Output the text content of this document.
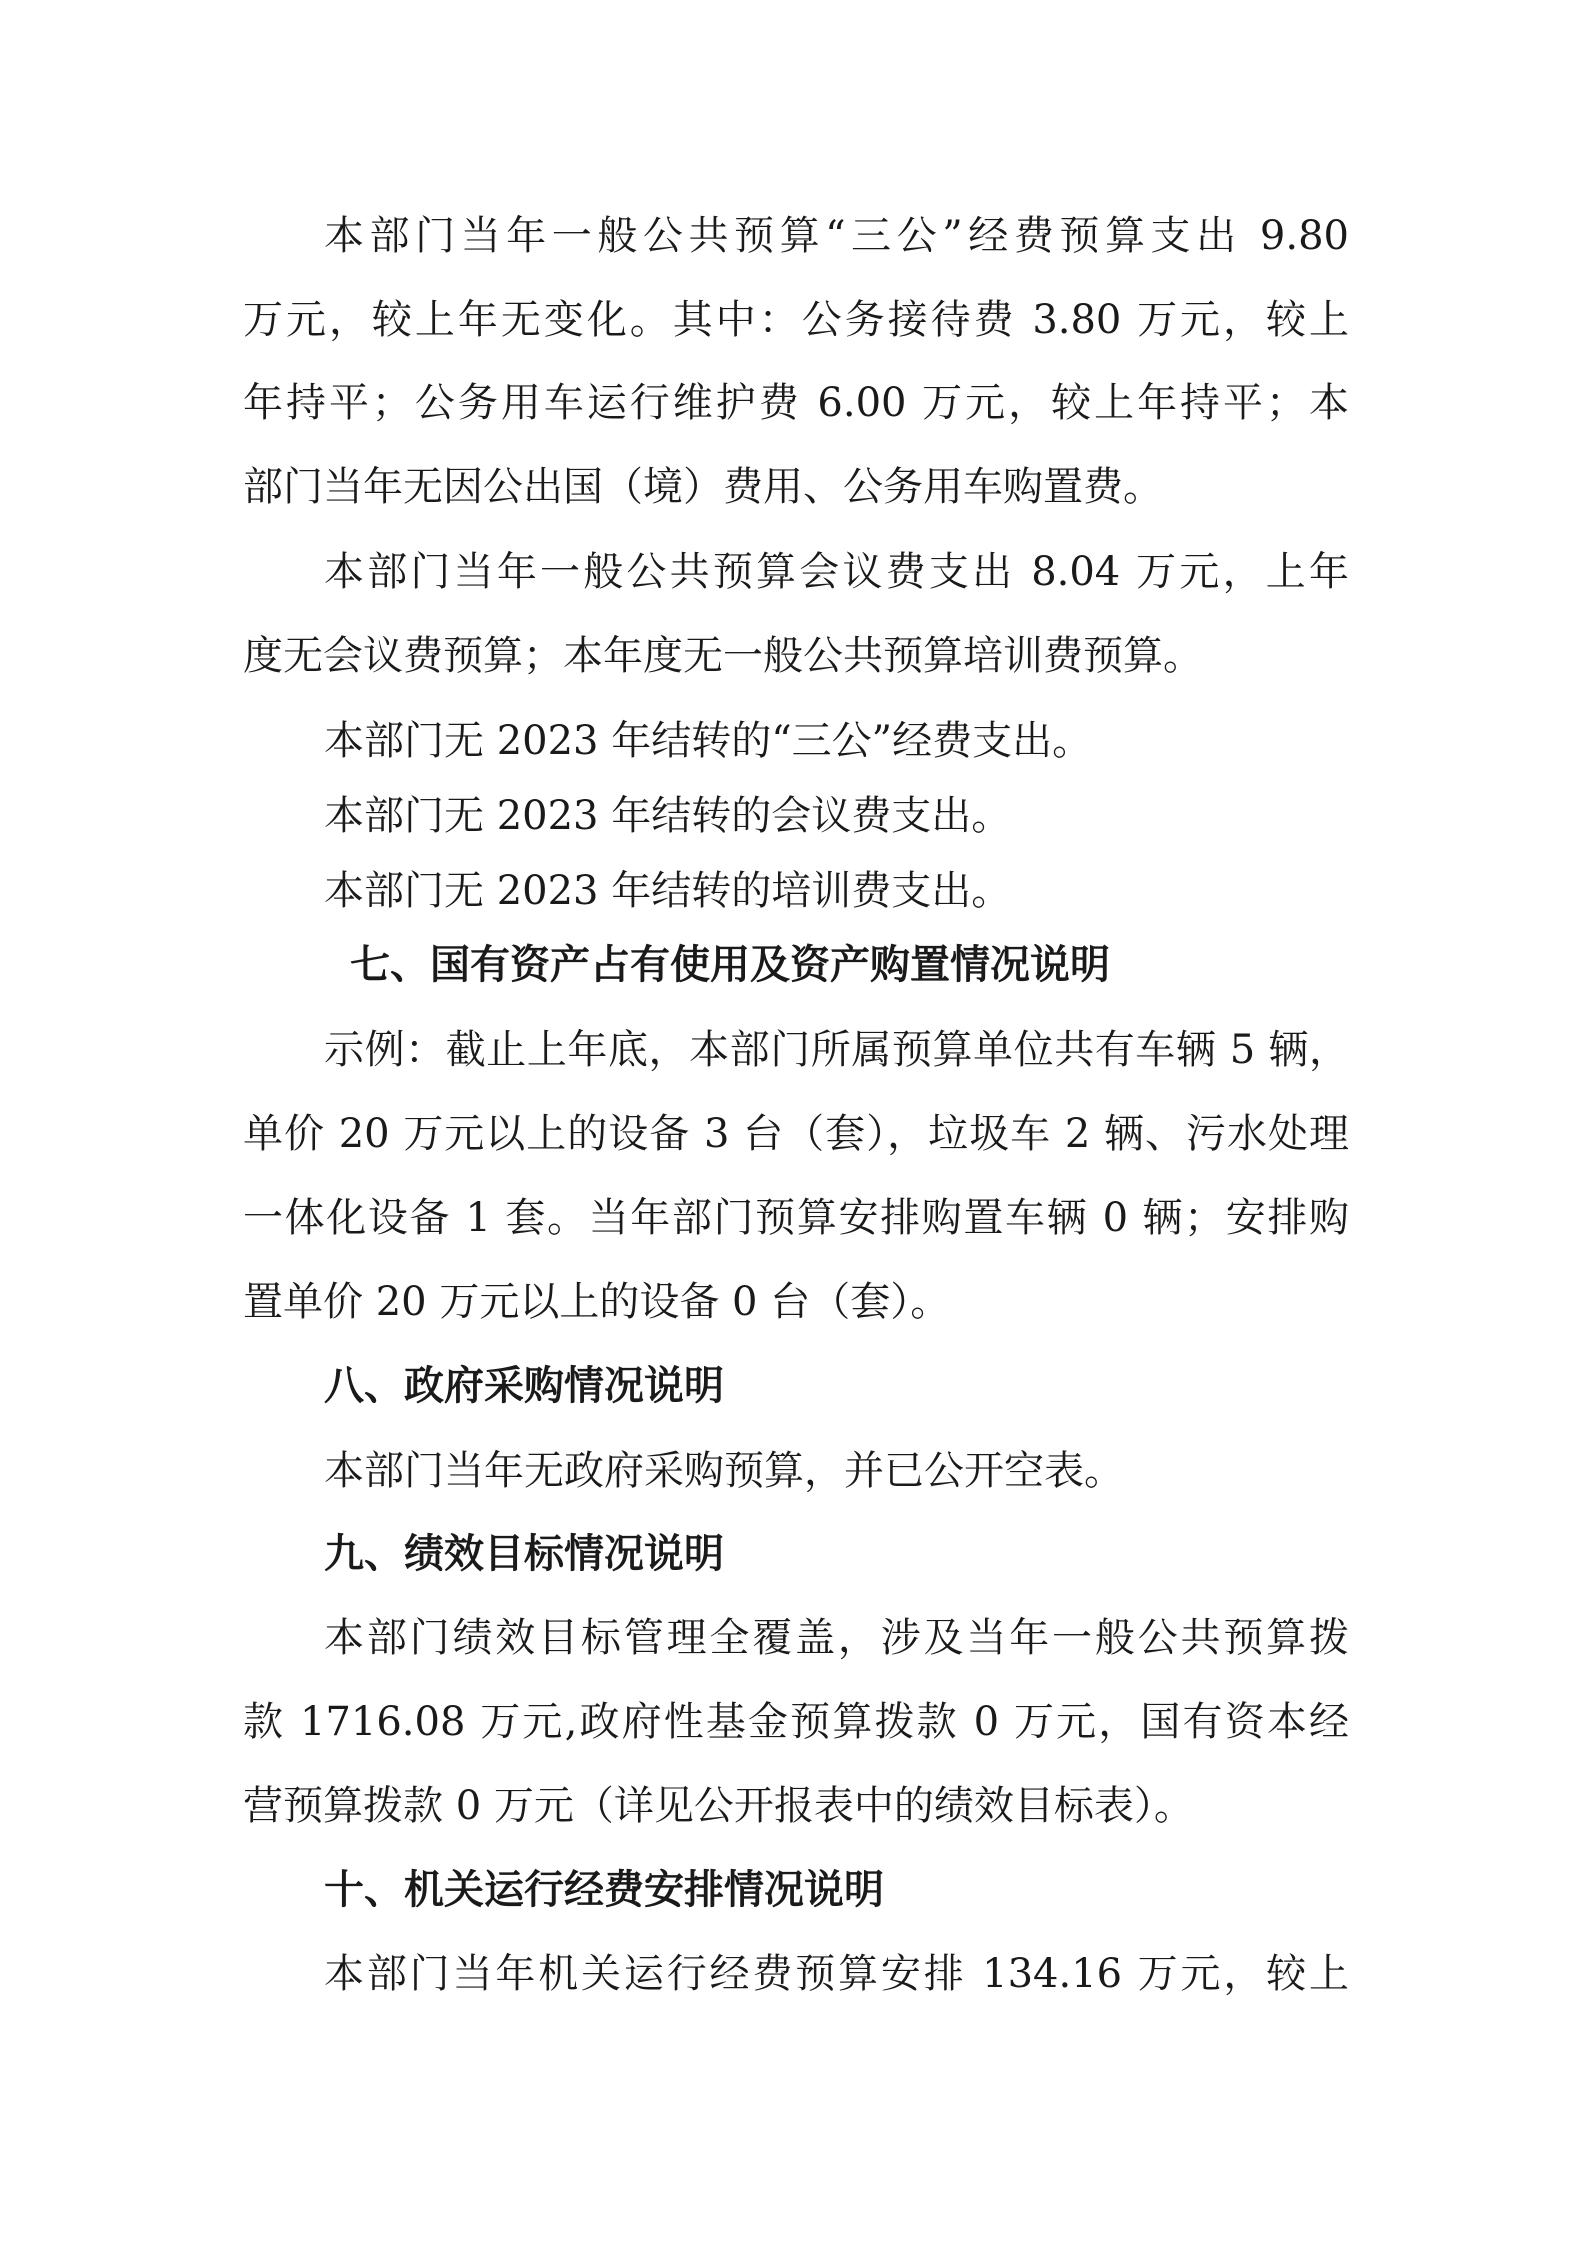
本部门当年一般公共预算“三公”经费预算支出 9.80
万元，较上年无变化。其中：公务接待费 3.80 万元，较上
年持平；公务用车运行维护费 6.00 万元，较上年持平；本
部门当年无因公出国（境）费用、公务用车购置费。
本部门当年一般公共预算会议费支出 8.04 万元，上年
度无会议费预算；本年度无一般公共预算培训费预算。
本部门无 2023 年结转的“三公”经费支出。
本部门无 2023 年结转的会议费支出。
本部门无 2023 年结转的培训费支出。
七、国有资产占有使用及资产购置情况说明
示例：截止上年底，本部门所属预算单位共有车辆 5 辆，
单价 20 万元以上的设备 3 台（套），垃圾车 2 辆、污水处理
一体化设备 1 套。当年部门预算安排购置车辆 0 辆；安排购
置单价 20 万元以上的设备 0 台（套）。
八、政府采购情况说明
本部门当年无政府采购预算，并已公开空表。
九、绩效目标情况说明
本部门绩效目标管理全覆盖，涉及当年一般公共预算拨
款 1716.08 万元,政府性基金预算拨款 0 万元，国有资本经
营预算拨款 0 万元（详见公开报表中的绩效目标表）。
十、机关运行经费安排情况说明
本部门当年机关运行经费预算安排 134.16 万元，较上
